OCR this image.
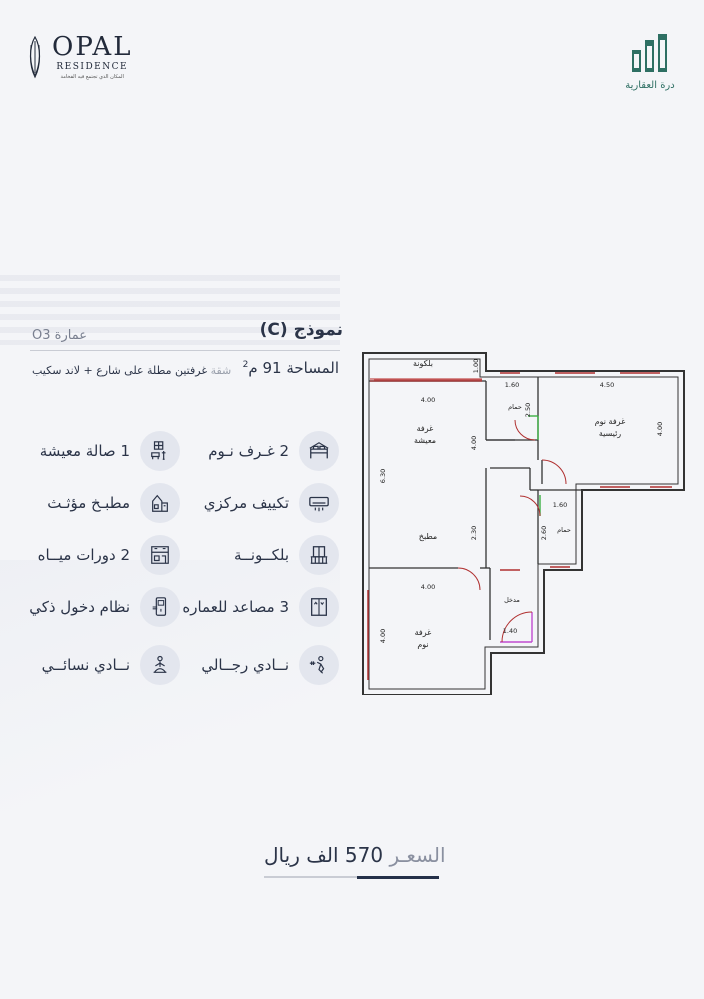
OPAL
RESIDENCE
المكان الذي تجتمع فيه الفخامة
درة العقارية
نموذج (C)
عمارة O3
المساحة 91 م$^2$
شقة غرفتين مطلة على شارع + لاند سكيب
2 غـرف نـوم
تكييف مركزي
بلكــونــة
3 مصاعد للعماره
نــادي رجــالي
1 صالة معيشة
مطبـخ مؤثـث
2 دورات ميــاه
نظام دخول ذكي
نــادي نسائــي
بلكونة
غرفة
معيشة
مطبخ
غرفة
نوم
غرفة نوم
رئيسية
حمام
حمام
مدخل
1.00
4.00
1.60	4.50
2.50
4.00
4.00
6.30
1.60
2.60
2.30
4.00
4.00	1.40
السعـر 570 الف ريال
